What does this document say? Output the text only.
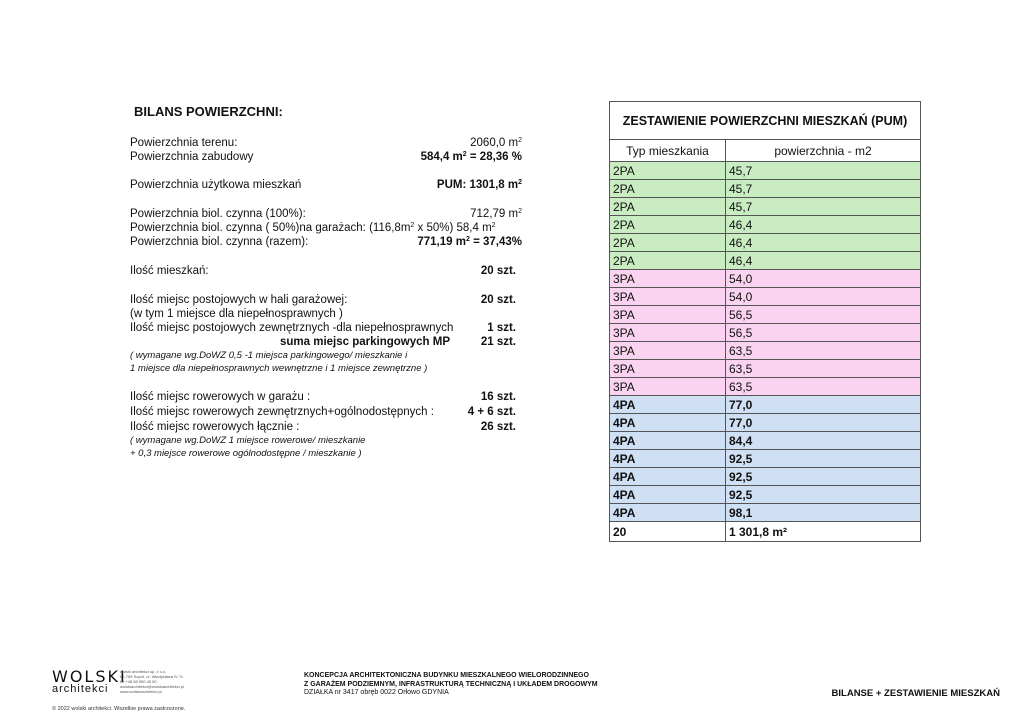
BILANS POWIERZCHNI:
Powierzchnia terenu:	2060,0 $m^2$
Powierzchnia zabudowy	584,4 $m^2 = 28,36$ %
Powierzchnia użytkowa mieszkań	PUM: 1301,8 $m^2$
Powierzchnia biol. czynna (100%):	712,79 $m^2$
Powierzchnia biol. czynna ( 50%)na garażach: ($116,8m^2$ x 50%) 58,4 $m^2$
Powierzchnia biol. czynna (razem):	771,19 $m^2 = 37,43\%$
Ilość mieszkań:	20 szt.
Ilość miejsc postojowych w hali garażowej:	20 szt.
(w tym 1 miejsce dla niepełnosprawnych )
Ilość miejsc postojowych zewnętrznych -dla niepełnosprawnych	1 szt.
suma miejsc parkingowych MP	21 szt.
( wymagane wg.DoWZ 0,5 -1 miejsca parkingowego/ mieszkanie i
1 miejsce dla niepełnosprawnych wewnętrzne i 1 miejsce zewnętrzne )
Ilość miejsc rowerowych w garażu :	16 szt.
Ilość miejsc rowerowych zewnętrznych+ogólnodostępnych :	4 + 6 szt.
Ilość miejsc rowerowych łącznie :	26 szt.
( wymagane wg.DoWZ 1 miejsce rowerowe/ mieszkanie
+ 0,3 miejsce rowerowe ogólnodostępne / mieszkanie )
ZESTAWIENIE POWIERZCHNI MIESZKAŃ (PUM)	
Typ mieszkania	powierzchnia - m2
2PA	45,7
2PA	45,7
2PA	45,7
2PA	46,4
2PA	46,4
2PA	46,4
3PA	54,0
3PA	54,0
3PA	56,5
3PA	56,5
3PA	63,5
3PA	63,5
3PA	63,5
4PA	77,0
4PA	77,0
4PA	84,4
4PA	92,5
4PA	92,5
4PA	92,5
4PA	98,1
20	1 301,8 m²
WOLSKI
architekci
wolski architekci sp. z o.o.
81-765 Sopot, ul. Władysława IV 7c
tel.+48 58 550 45 50
wolskiarchitekci@wolskiarchitekci.pl
www.wolskiarchitekci.pl
© 2022 wolski architekci. Wszelkie prawa zastrzeżone.
KONCEPCJA ARCHITEKTONICZNA BUDYNKU MIESZKALNEGO WIELORODZINNEGO
Z GARAŻEM PODZIEMNYM, INFRASTRUKTURĄ TECHNICZNĄ I UKŁADEM DROGOWYM
DZIAŁKA nr 3417 obręb 0022 Orłowo GDYNIA	BILANSE + ZESTAWIENIE MIESZKAŃ
